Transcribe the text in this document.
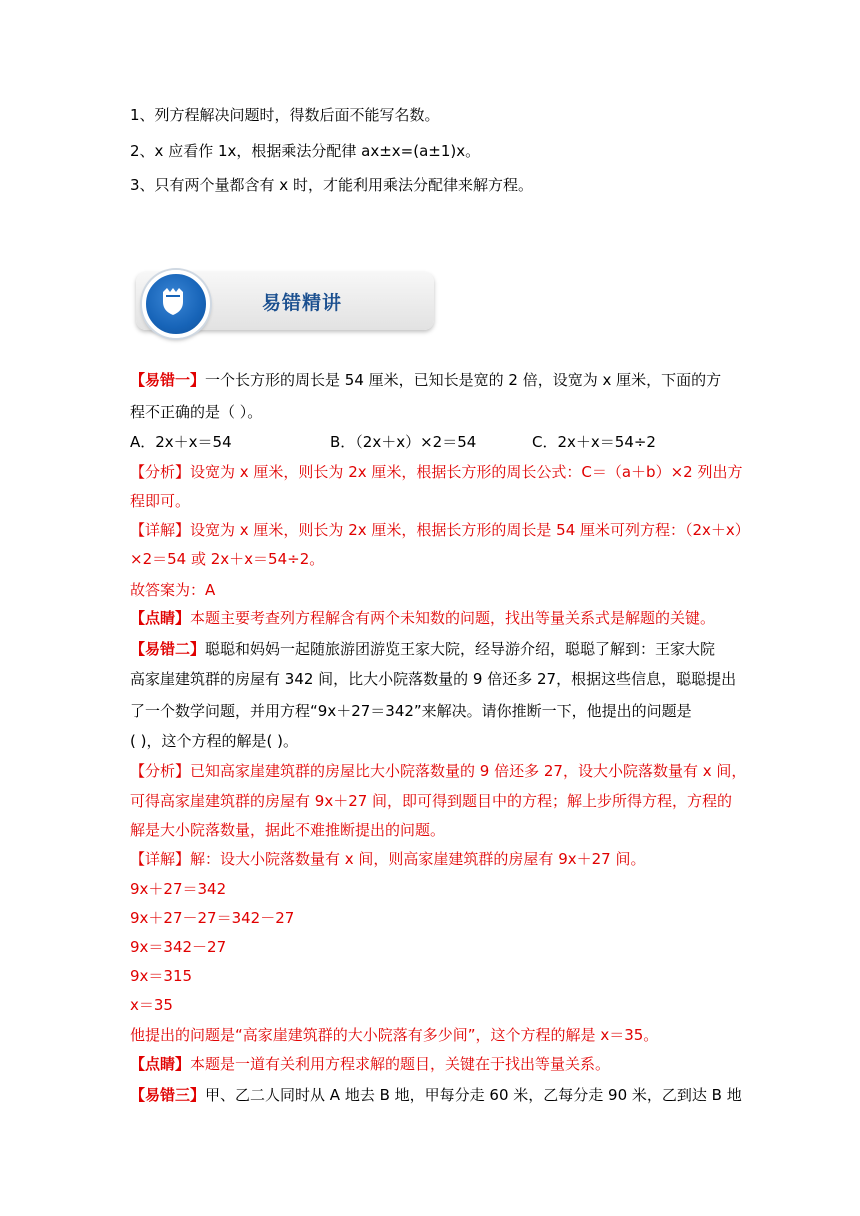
1、列方程解决问题时，得数后面不能写名数。
2、x 应看作 1x，根据乘法分配律 ax±x=(a±1)x。
3、只有两个量都含有 x 时，才能利用乘法分配律来解方程。
易错精讲
【易错一】一个长方形的周长是 54 厘米，已知长是宽的 2 倍，设宽为 x 厘米，下面的方
程不正确的是（ ）。
A．2x＋x＝54	B．（2x＋x）×2＝54	C．2x＋x＝54÷2
【分析】设宽为 x 厘米，则长为 2x 厘米，根据长方形的周长公式：C＝（a＋b）×2 列出方
程即可。
【详解】设宽为 x 厘米，则长为 2x 厘米，根据长方形的周长是 54 厘米可列方程：（2x＋x）
×2＝54 或 2x＋x＝54÷2。
故答案为：A
【点睛】本题主要考查列方程解含有两个未知数的问题，找出等量关系式是解题的关键。
【易错二】聪聪和妈妈一起随旅游团游览王家大院，经导游介绍，聪聪了解到：王家大院
高家崖建筑群的房屋有 342 间，比大小院落数量的 9 倍还多 27，根据这些信息，聪聪提出
了一个数学问题，并用方程“9x＋27＝342”来解决。请你推断一下，他提出的问题是
( )，这个方程的解是( )。
【分析】已知高家崖建筑群的房屋比大小院落数量的 9 倍还多 27，设大小院落数量有 x 间，
可得高家崖建筑群的房屋有 9x＋27 间，即可得到题目中的方程；解上步所得方程，方程的
解是大小院落数量，据此不难推断提出的问题。
【详解】解：设大小院落数量有 x 间，则高家崖建筑群的房屋有 9x＋27 间。
9x＋27＝342
9x＋27－27＝342－27
9x＝342－27
9x＝315
x＝35
他提出的问题是“高家崖建筑群的大小院落有多少间”，这个方程的解是 x＝35。
【点睛】本题是一道有关利用方程求解的题目，关键在于找出等量关系。
【易错三】甲、乙二人同时从 A 地去 B 地，甲每分走 60 米，乙每分走 90 米，乙到达 B 地
